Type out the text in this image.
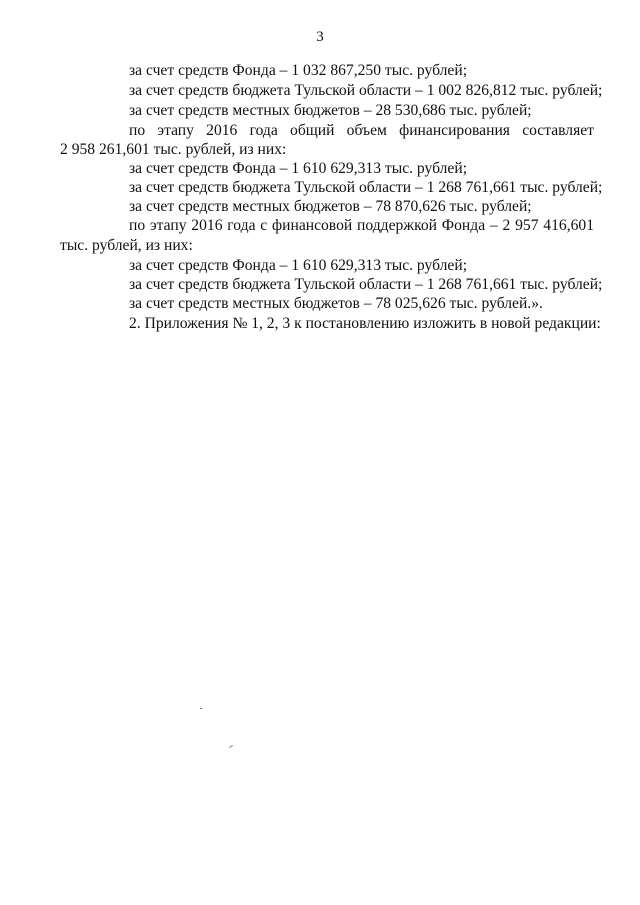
3
за счет средств Фонда – 1 032 867,250 тыс. рублей;
за счет средств бюджета Тульской области – 1 002 826,812 тыс. рублей;
за счет средств местных бюджетов – 28 530,686 тыс. рублей;
по этапу 2016 года общий объем финансирования составляет
2 958 261,601 тыс. рублей, из них:
за счет средств Фонда – 1 610 629,313 тыс. рублей;
за счет средств бюджета Тульской области – 1 268 761,661 тыс. рублей;
за счет средств местных бюджетов – 78 870,626 тыс. рублей;
по этапу 2016 года с финансовой поддержкой Фонда – 2 957 416,601
тыс. рублей, из них:
за счет средств Фонда – 1 610 629,313 тыс. рублей;
за счет средств бюджета Тульской области – 1 268 761,661 тыс. рублей;
за счет средств местных бюджетов – 78 025,626 тыс. рублей.».
2. Приложения № 1, 2, 3 к постановлению изложить в новой редакции:
